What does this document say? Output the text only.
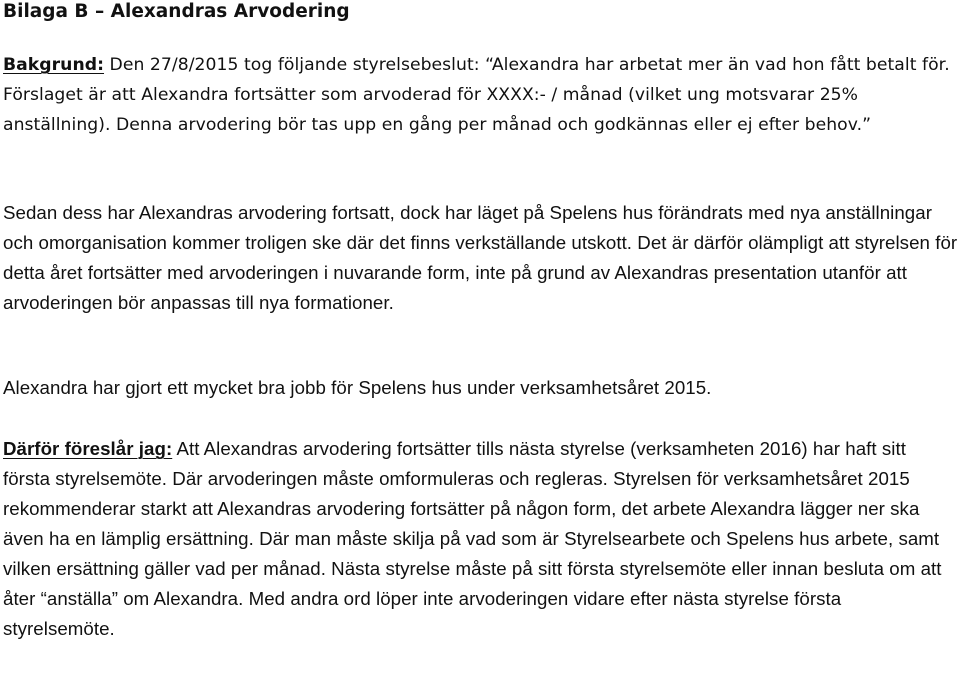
Bilaga B – Alexandras Arvodering

Bakgrund: Den 27/8/2015 tog följande styrelsebeslut: “Alexandra har arbetat mer än vad hon fått betalt för. Förslaget är att Alexandra fortsätter som arvoderad för XXXX:- / månad (vilket ung motsvarar 25% anställning). Denna arvodering bör tas upp en gång per månad och godkännas eller ej efter behov.”

Sedan dess har Alexandras arvodering fortsatt, dock har läget på Spelens hus förändrats med nya anställningar och omorganisation kommer troligen ske där det finns verkställande utskott. Det är därför olämpligt att styrelsen för detta året fortsätter med arvoderingen i nuvarande form, inte på grund av Alexandras presentation utanför att arvoderingen bör anpassas till nya formationer.

Alexandra har gjort ett mycket bra jobb för Spelens hus under verksamhetsåret 2015.

Därför föreslår jag: Att Alexandras arvodering fortsätter tills nästa styrelse (verksamheten 2016) har haft sitt första styrelsemöte. Där arvoderingen måste omformuleras och regleras. Styrelsen för verksamhetsåret 2015 rekommenderar starkt att Alexandras arvodering fortsätter på någon form, det arbete Alexandra lägger ner ska även ha en lämplig ersättning. Där man måste skilja på vad som är Styrelsearbete och Spelens hus arbete, samt vilken ersättning gäller vad per månad. Nästa styrelse måste på sitt första styrelsemöte eller innan besluta om att åter “anställa” om Alexandra. Med andra ord löper inte arvoderingen vidare efter nästa styrelse första styrelsemöte.
